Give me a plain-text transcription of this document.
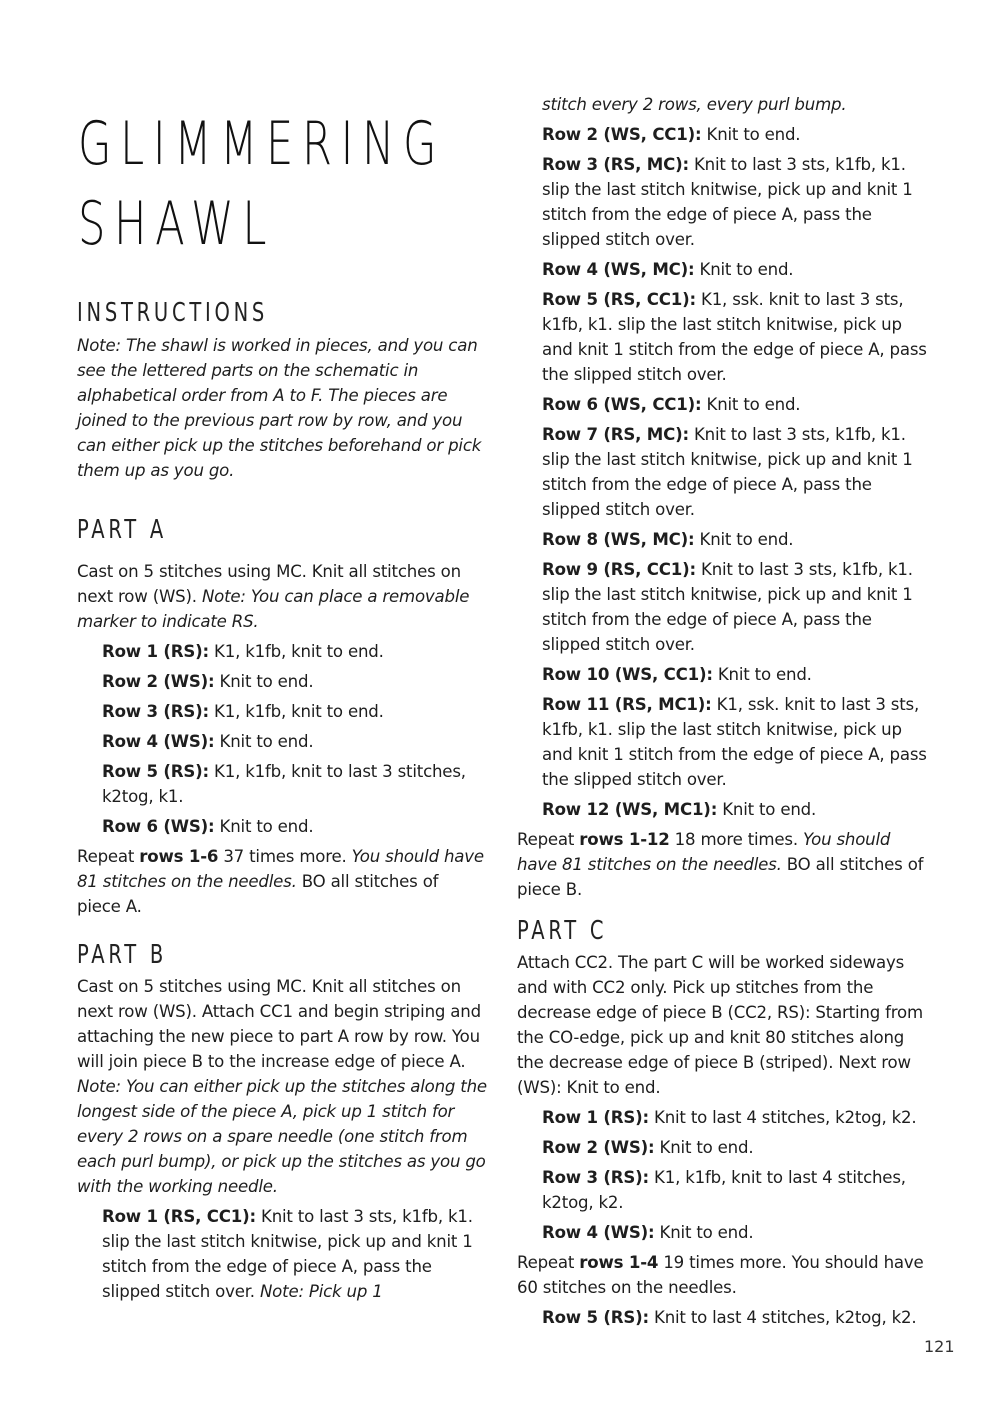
GLIMMERING
SHAWL
INSTRUCTIONS

Note: The shawl is worked in pieces, and you can see the lettered parts on the schematic in alphabetical order from A to F. The pieces are joined to the previous part row by row, and you can either pick up the stitches beforehand or pick them up as you go.

PART A

Cast on 5 stitches using MC. Knit all stitches on next row (WS). Note: You can place a removable marker to indicate RS.

Row 1 (RS): K1, k1fb, knit to end.

Row 2 (WS): Knit to end.

Row 3 (RS): K1, k1fb, knit to end.

Row 4 (WS): Knit to end.

Row 5 (RS): K1, k1fb, knit to last 3 stitches, k2tog, k1.

Row 6 (WS): Knit to end.

Repeat rows 1-6 37 times more. You should have 81 stitches on the needles. BO all stitches of piece A.

PART B

Cast on 5 stitches using MC. Knit all stitches on next row (WS). Attach CC1 and begin striping and attaching the new piece to part A row by row. You will join piece B to the increase edge of piece A. Note: You can either pick up the stitches along the longest side of the piece A, pick up 1 stitch for every 2 rows on a spare needle (one stitch from each purl bump), or pick up the stitches as you go with the working needle.

Row 1 (RS, CC1): Knit to last 3 sts, k1fb, k1. slip the last stitch knitwise, pick up and knit 1 stitch from the edge of piece A, pass the slipped stitch over. Note: Pick up 1

stitch every 2 rows, every purl bump.

Row 2 (WS, CC1): Knit to end.

Row 3 (RS, MC): Knit to last 3 sts, k1fb, k1. slip the last stitch knitwise, pick up and knit 1 stitch from the edge of piece A, pass the slipped stitch over.

Row 4 (WS, MC): Knit to end.

Row 5 (RS, CC1): K1, ssk. knit to last 3 sts, k1fb, k1. slip the last stitch knitwise, pick up and knit 1 stitch from the edge of piece A, pass the slipped stitch over.

Row 6 (WS, CC1): Knit to end.

Row 7 (RS, MC): Knit to last 3 sts, k1fb, k1. slip the last stitch knitwise, pick up and knit 1 stitch from the edge of piece A, pass the slipped stitch over.

Row 8 (WS, MC): Knit to end.

Row 9 (RS, CC1): Knit to last 3 sts, k1fb, k1. slip the last stitch knitwise, pick up and knit 1 stitch from the edge of piece A, pass the slipped stitch over.

Row 10 (WS, CC1): Knit to end.

Row 11 (RS, MC1): K1, ssk. knit to last 3 sts, k1fb, k1. slip the last stitch knitwise, pick up and knit 1 stitch from the edge of piece A, pass the slipped stitch over.

Row 12 (WS, MC1): Knit to end.

Repeat rows 1-12 18 more times. You should have 81 stitches on the needles. BO all stitches of piece B.

PART C

Attach CC2. The part C will be worked sideways and with CC2 only. Pick up stitches from the decrease edge of piece B (CC2, RS): Starting from the CO-edge, pick up and knit 80 stitches along the decrease edge of piece B (striped). Next row (WS): Knit to end.

Row 1 (RS): Knit to last 4 stitches, k2tog, k2.

Row 2 (WS): Knit to end.

Row 3 (RS): K1, k1fb, knit to last 4 stitches, k2tog, k2.

Row 4 (WS): Knit to end.

Repeat rows 1-4 19 times more. You should have 60 stitches on the needles.

Row 5 (RS): Knit to last 4 stitches, k2tog, k2.

121
